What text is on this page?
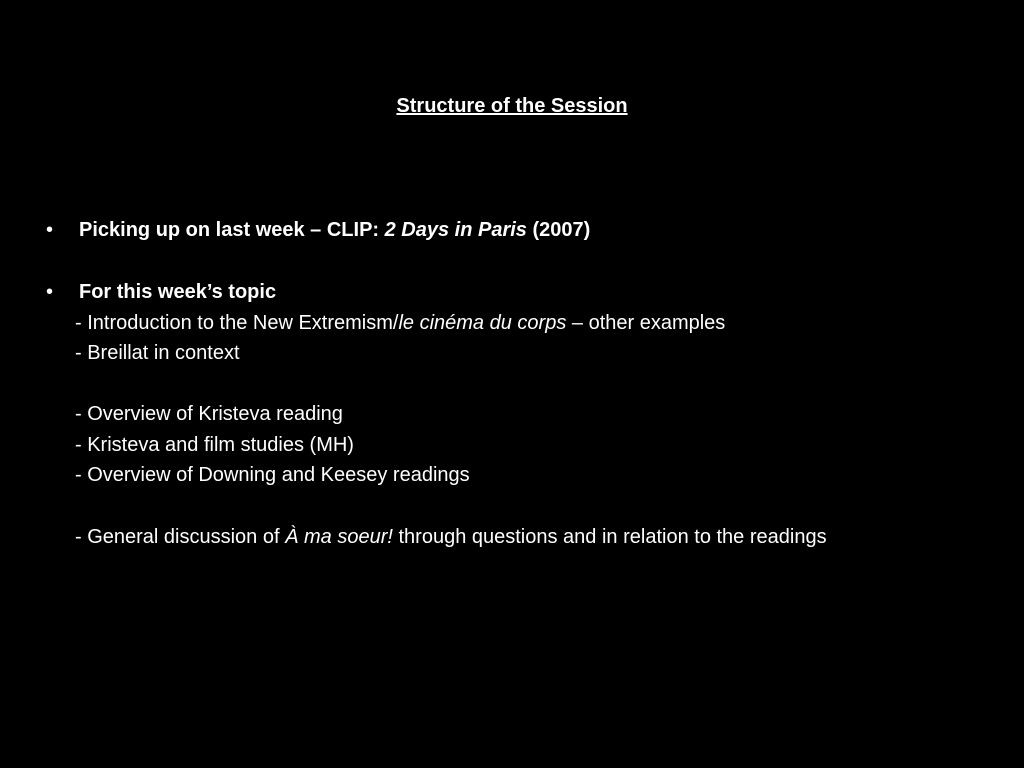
Structure of the Session
• Picking up on last week – CLIP: 2 Days in Paris (2007)
• For this week’s topic
- Introduction to the New Extremism/le cinéma du corps – other examples
- Breillat in context
- Overview of Kristeva reading
- Kristeva and film studies (MH)
- Overview of Downing and Keesey readings
- General discussion of À ma soeur! through questions and in relation to the readings
